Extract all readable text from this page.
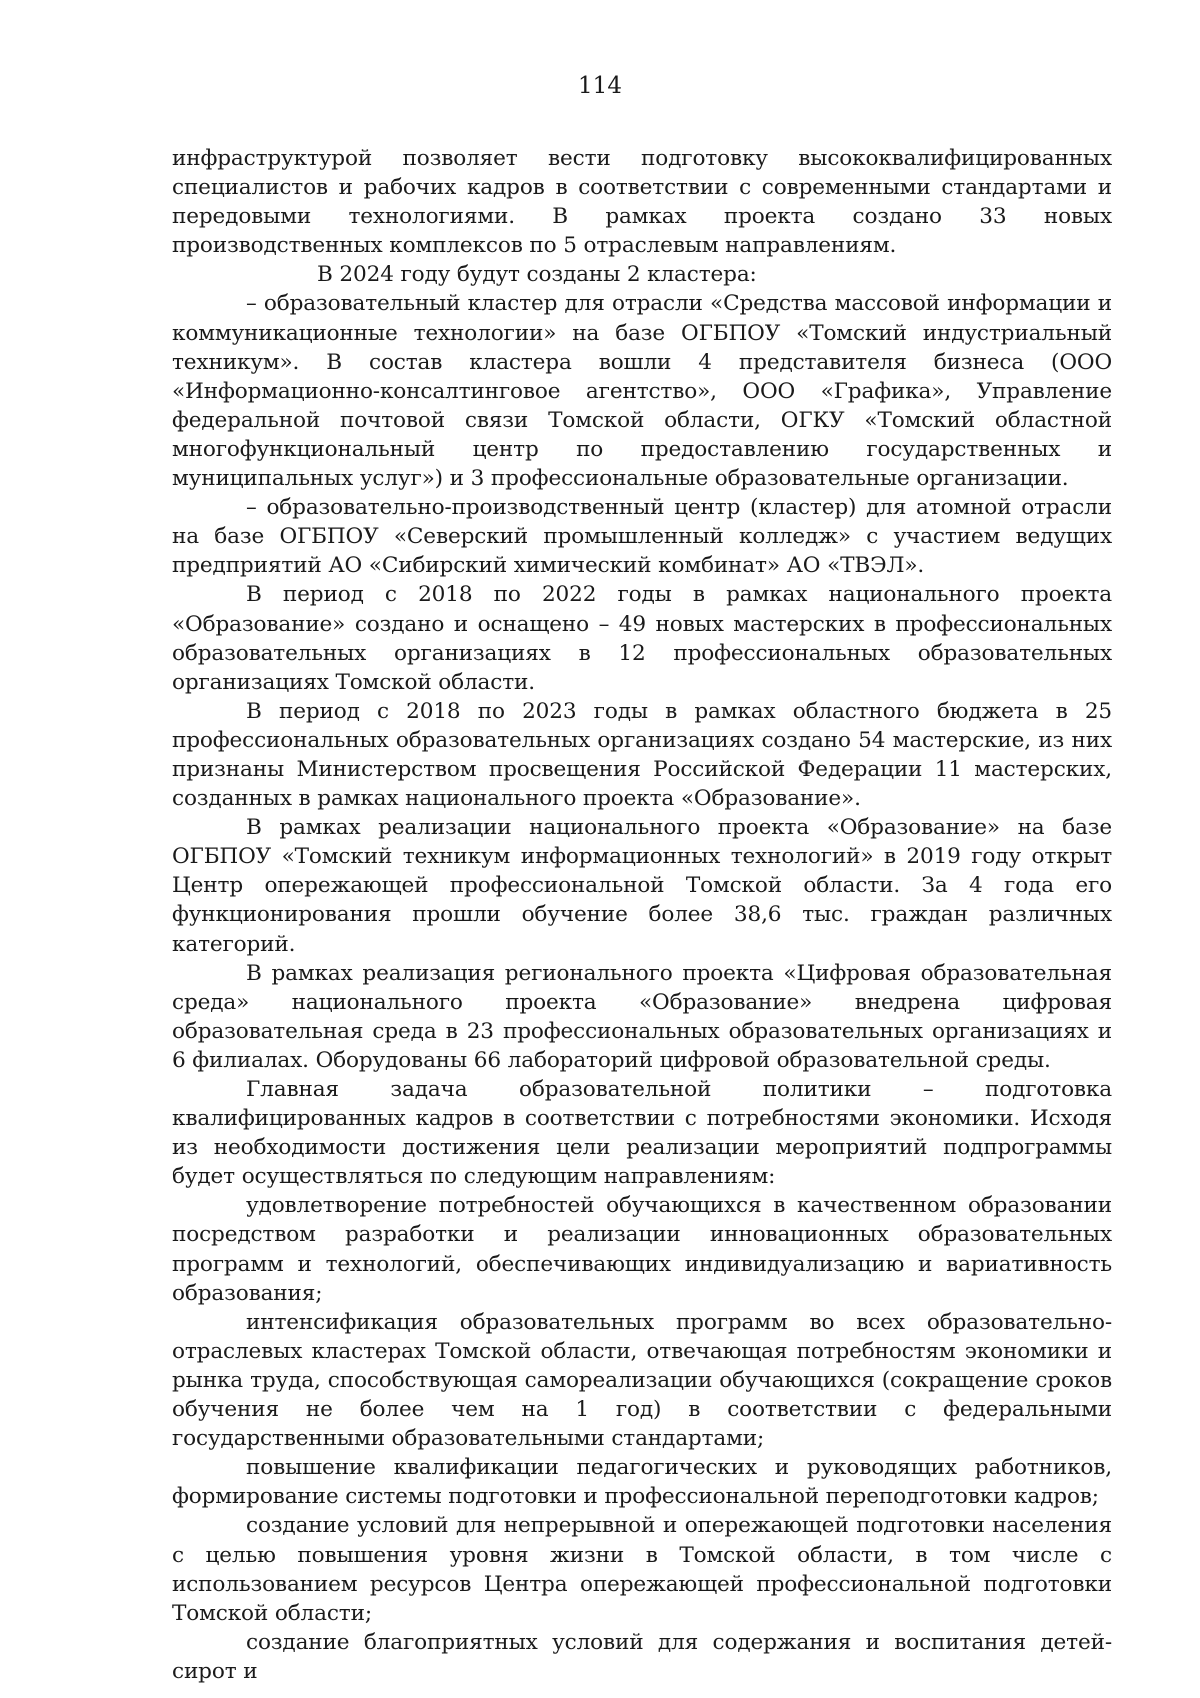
114

инфраструктурой позволяет вести подготовку высококвалифицированных специалистов и рабочих кадров в соответствии с современными стандартами и передовыми технологиями. В рамках проекта создано 33 новых производственных комплексов по 5 отраслевым направлениям.

В 2024 году будут созданы 2 кластера:

– образовательный кластер для отрасли «Средства массовой информации и коммуникационные технологии» на базе ОГБПОУ «Томский индустриальный техникум». В состав кластера вошли 4 представителя бизнеса (ООО «Информационно-консалтинговое агентство», ООО «Графика», Управление федеральной почтовой связи Томской области, ОГКУ «Томский областной многофункциональный центр по предоставлению государственных и муниципальных услуг») и 3 профессиональные образовательные организации.

– образовательно-производственный центр (кластер) для атомной отрасли на базе ОГБПОУ «Северский промышленный колледж» с участием ведущих предприятий АО «Сибирский химический комбинат» АО «ТВЭЛ».

В период с 2018 по 2022 годы в рамках национального проекта «Образование» создано и оснащено – 49 новых мастерских в профессиональных образовательных организациях в 12 профессиональных образовательных организациях Томской области.

В период с 2018 по 2023 годы в рамках областного бюджета в 25 профессиональных образовательных организациях создано 54 мастерские, из них признаны Министерством просвещения Российской Федерации 11 мастерских, созданных в рамках национального проекта «Образование».

В рамках реализации национального проекта «Образование» на базе ОГБПОУ «Томский техникум информационных технологий» в 2019 году открыт Центр опережающей профессиональной Томской области. За 4 года его функционирования прошли обучение более 38,6 тыс. граждан различных категорий.

В рамках реализация регионального проекта «Цифровая образовательная среда» национального проекта «Образование» внедрена цифровая образовательная среда в 23 профессиональных образовательных организациях и 6 филиалах. Оборудованы 66 лабораторий цифровой образовательной среды.

Главная задача образовательной политики – подготовка квалифицированных кадров в соответствии с потребностями экономики. Исходя из необходимости достижения цели реализации мероприятий подпрограммы будет осуществляться по следующим направлениям:

удовлетворение потребностей обучающихся в качественном образовании посредством разработки и реализации инновационных образовательных программ и технологий, обеспечивающих индивидуализацию и вариативность образования;

интенсификация образовательных программ во всех образовательно-отраслевых кластерах Томской области, отвечающая потребностям экономики и рынка труда, способствующая самореализации обучающихся (сокращение сроков обучения не более чем на 1 год) в соответствии с федеральными государственными образовательными стандартами;

повышение квалификации педагогических и руководящих работников, формирование системы подготовки и профессиональной переподготовки кадров;

создание условий для непрерывной и опережающей подготовки населения с целью повышения уровня жизни в Томской области, в том числе с использованием ресурсов Центра опережающей профессиональной подготовки Томской области;

создание благоприятных условий для содержания и воспитания детей-сирот и
